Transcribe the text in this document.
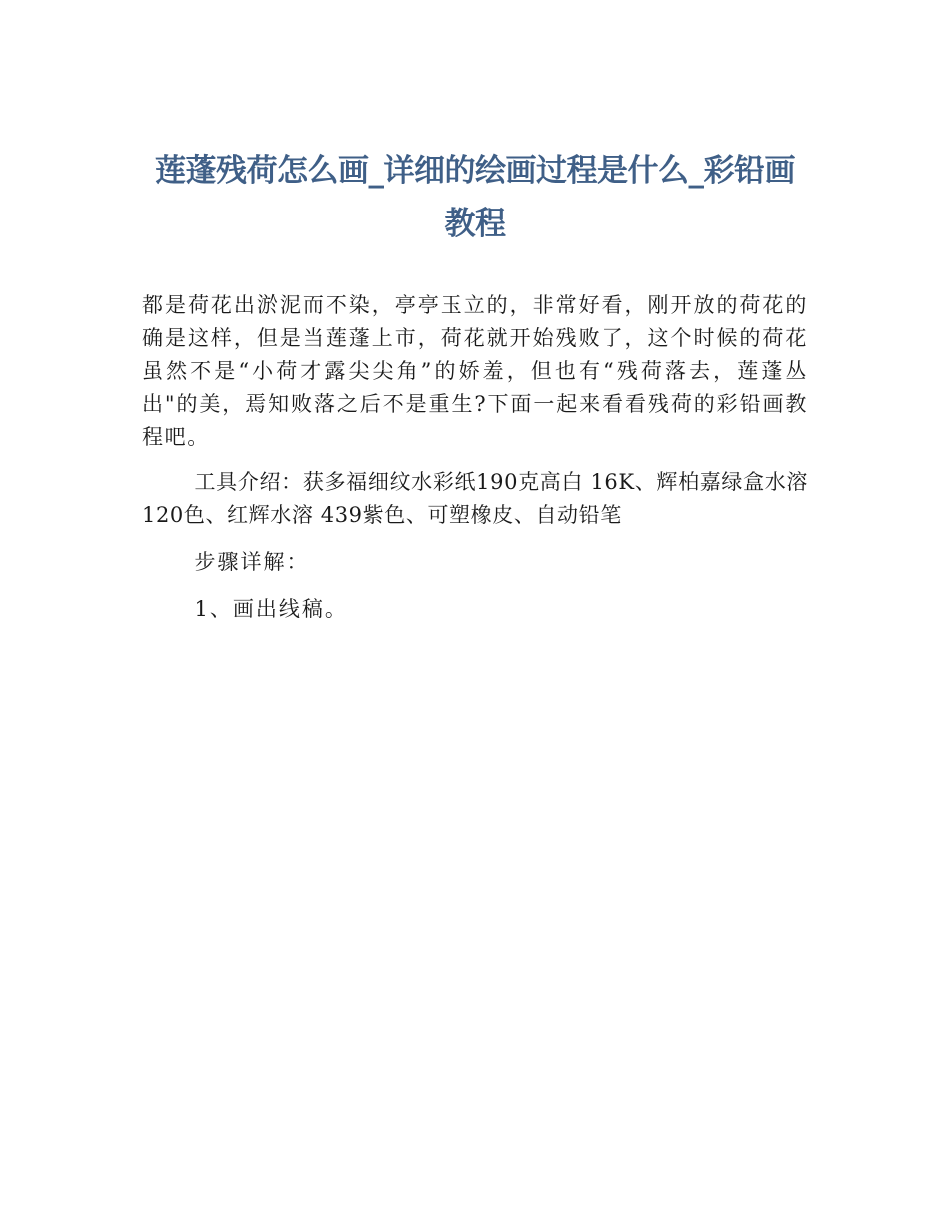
莲蓬残荷怎么画_详细的绘画过程是什么_彩铅画教程

都是荷花出淤泥而不染，亭亭玉立的，非常好看，刚开放的荷花的确是这样，但是当莲蓬上市，荷花就开始残败了，这个时候的荷花虽然不是“小荷才露尖尖角”的娇羞，但也有“残荷落去，莲蓬丛出"的美，焉知败落之后不是重生?下面一起来看看残荷的彩铅画教程吧。

工具介绍：获多福细纹水彩纸190克高白 16K、辉柏嘉绿盒水溶120色、红辉水溶 439紫色、可塑橡皮、自动铅笔

步骤详解：

1、画出线稿。
